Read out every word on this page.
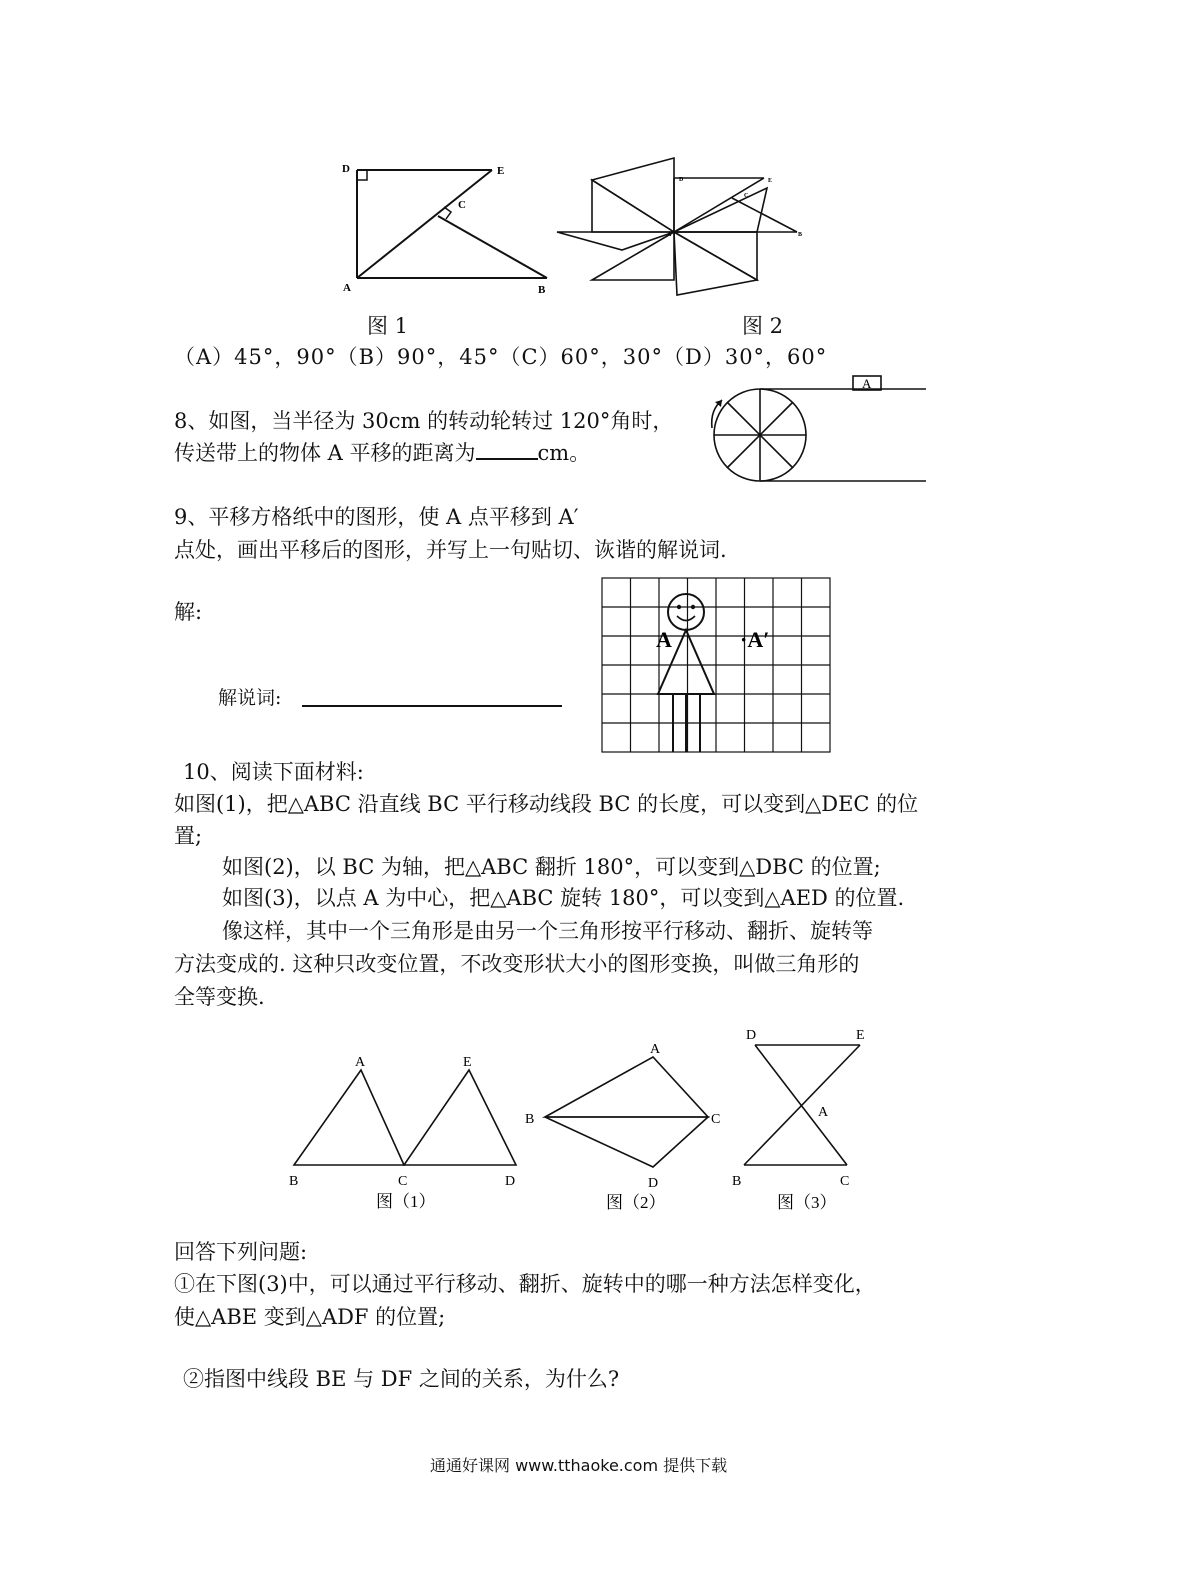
D	E
C
A	B
D	E
C
A	B
图 1	图 2
（A）45°，90°（B）90°，45°（C）60°，30°（D）30°，60°
8、如图，当半径为 30cm 的转动轮转过 120°角时，
传送带上的物体 A 平移的距离为	cm。
A
9、平移方格纸中的图形，使 A 点平移到 A′
点处，画出平移后的图形，并写上一句贴切、诙谐的解说词.
解:
解说词:
A	·A′
10、阅读下面材料:
如图(1)，把△ABC 沿直线 BC 平行移动线段 BC 的长度，可以变到△DEC 的位
置;
如图(2)，以 BC 为轴，把△ABC 翻折 180°，可以变到△DBC 的位置;
如图(3)，以点 A 为中心，把△ABC 旋转 180°，可以变到△AED 的位置.
像这样，其中一个三角形是由另一个三角形按平行移动、翻折、旋转等
方法变成的. 这种只改变位置，不改变形状大小的图形变换，叫做三角形的
全等变换.
A	E
B	C	D
图（1）
A
B	C
D
图（2）
D	E
A
B	C
图（3）
回答下列问题:
①在下图(3)中，可以通过平行移动、翻折、旋转中的哪一种方法怎样变化，
使△ABE 变到△ADF 的位置;
②指图中线段 BE 与 DF 之间的关系，为什么?
通通好课网 www.tthaoke.com 提供下载
